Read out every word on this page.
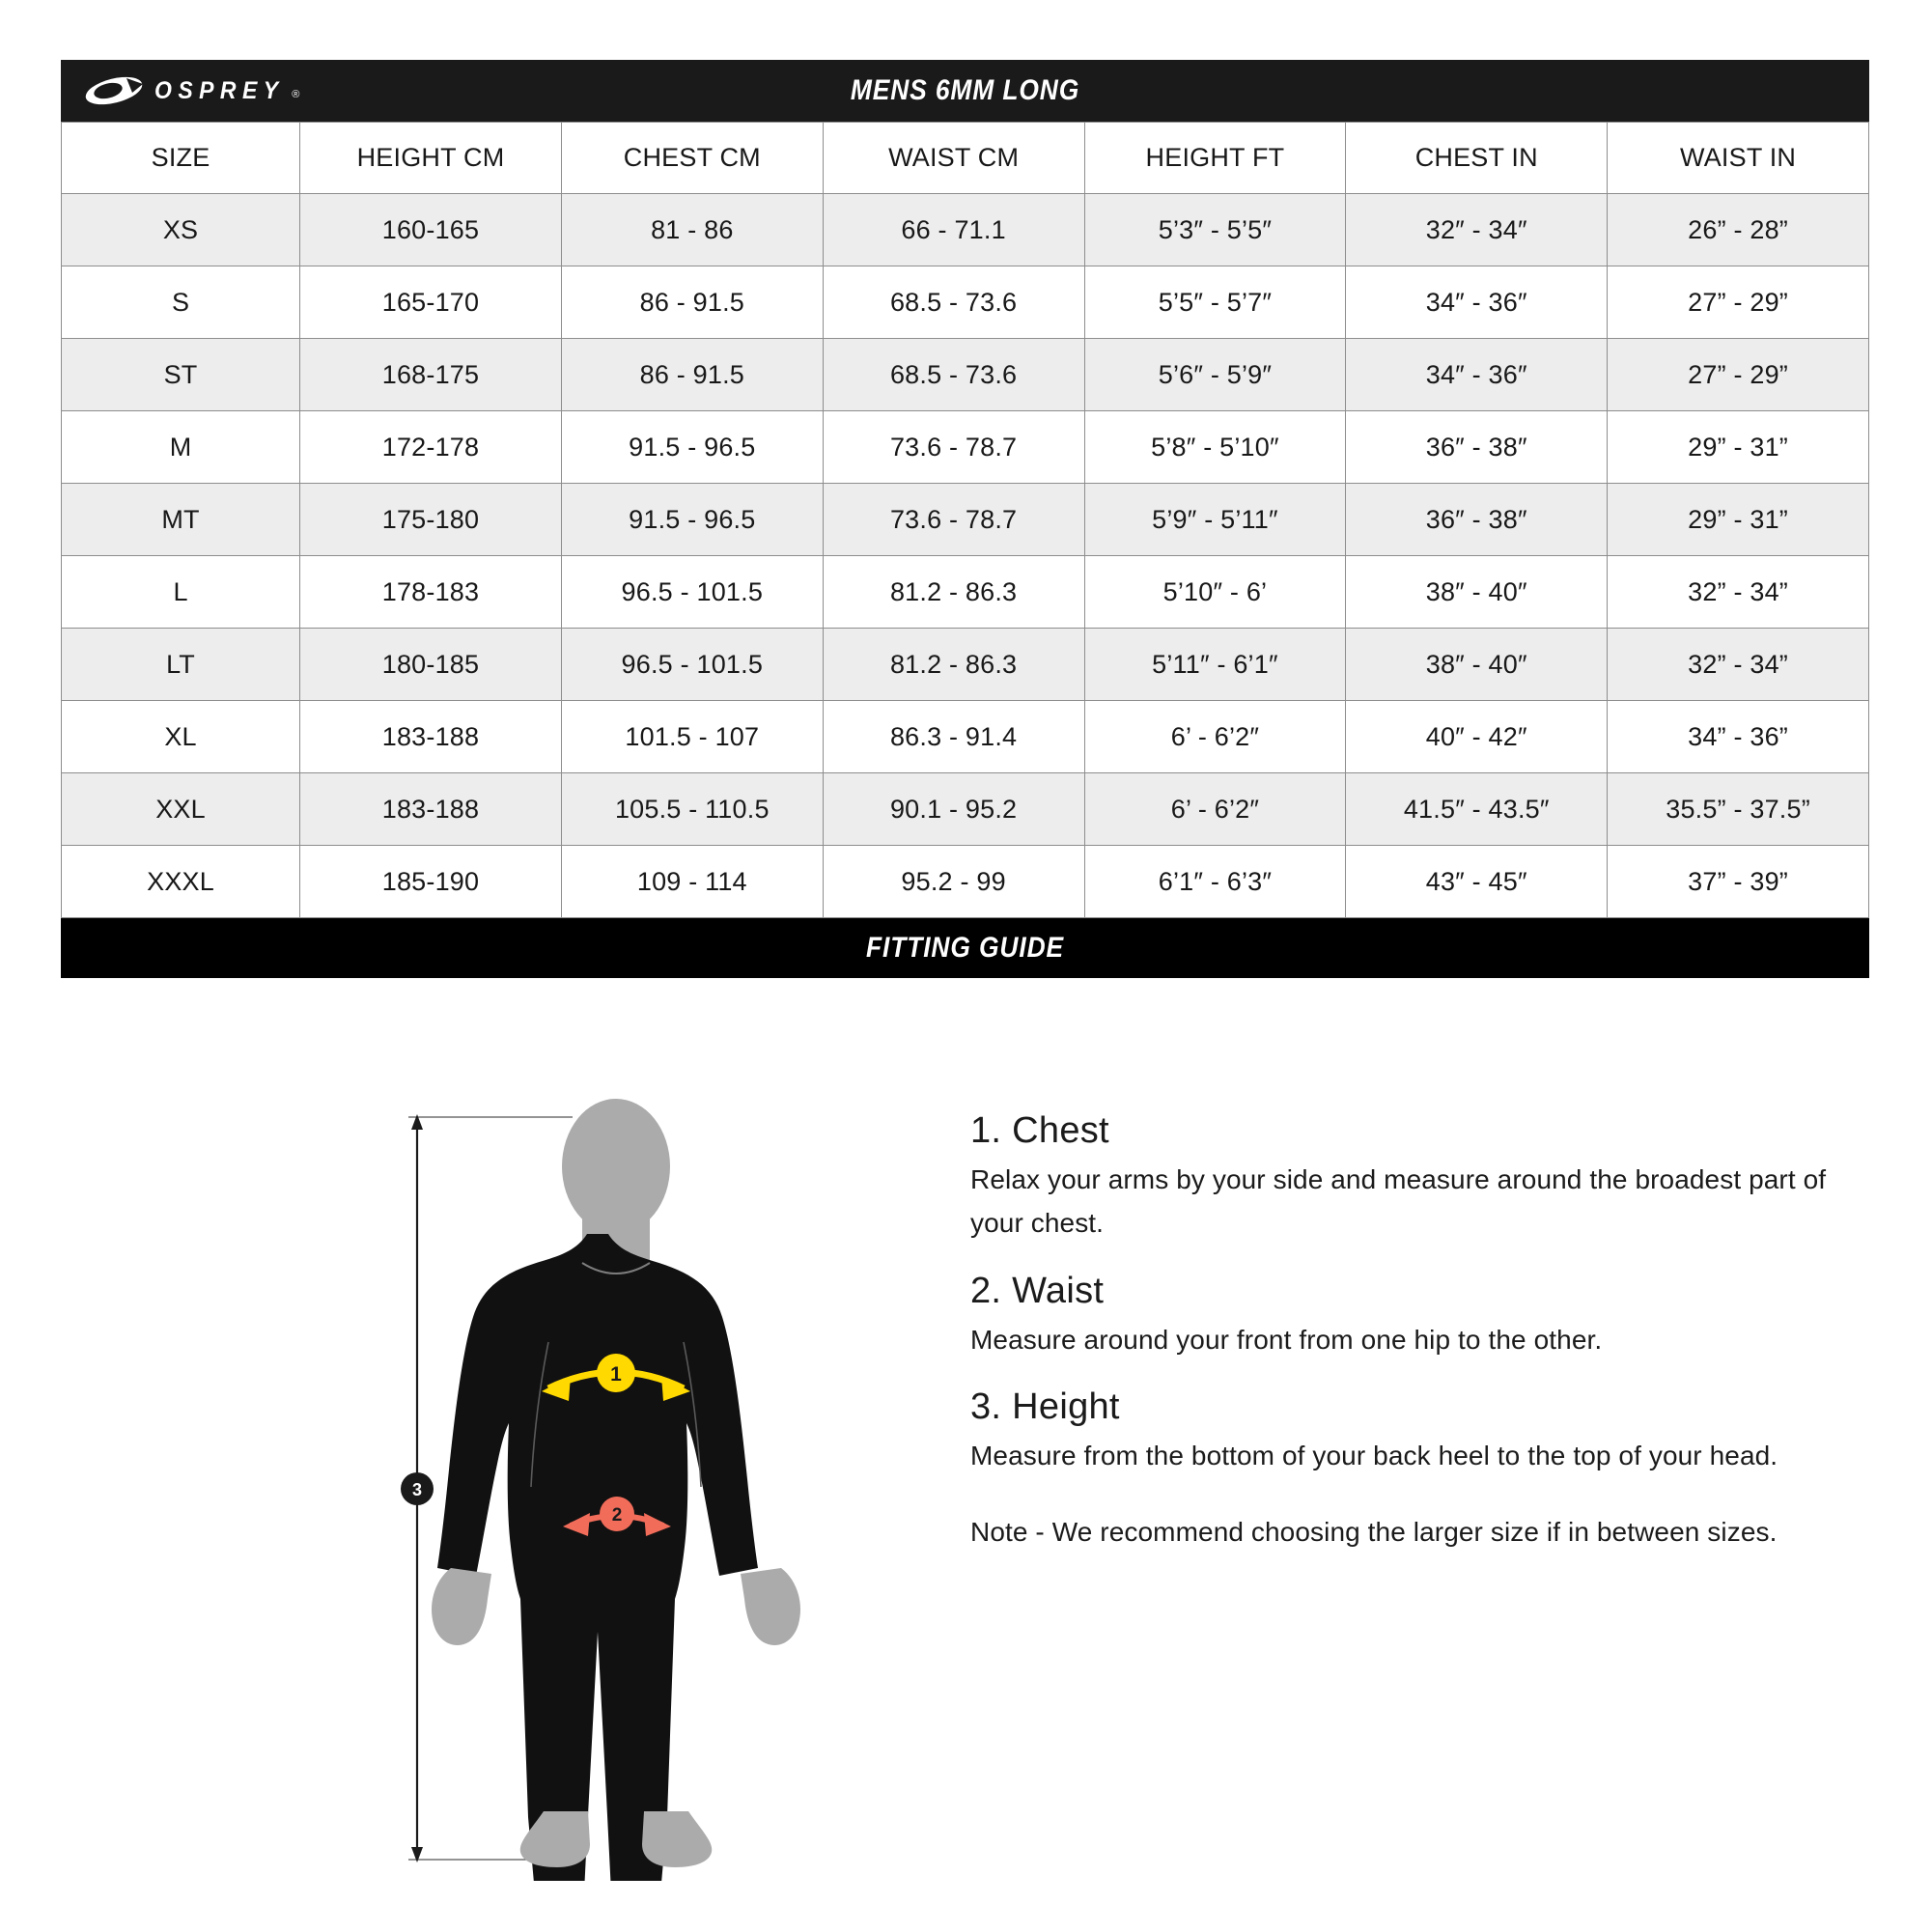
OSPREY ®	MENS 6MM LONG
SIZE	HEIGHT CM	CHEST CM	WAIST CM	HEIGHT FT	CHEST IN	WAIST IN
XS	160-165	81 - 86	66 - 71.1	5’3″ - 5’5″	32″ - 34″	26” - 28”
S	165-170	86 - 91.5	68.5 - 73.6	5’5″ - 5’7″	34″ - 36″	27” - 29”
ST	168-175	86 - 91.5	68.5 - 73.6	5’6″ - 5’9″	34″ - 36″	27” - 29”
M	172-178	91.5 - 96.5	73.6 - 78.7	5’8″ - 5’10″	36″ - 38″	29” - 31”
MT	175-180	91.5 - 96.5	73.6 - 78.7	5’9″ - 5’11″	36″ - 38″	29” - 31”
L	178-183	96.5 - 101.5	81.2 - 86.3	5’10″ - 6’	38″ - 40″	32” - 34”
LT	180-185	96.5 - 101.5	81.2 - 86.3	5’11″ - 6’1″	38″ - 40″	32” - 34”
XL	183-188	101.5 - 107	86.3 - 91.4	6’ - 6’2″	40″ - 42″	34” - 36”
XXL	183-188	105.5 - 110.5	90.1 - 95.2	6’ - 6’2″	41.5″ - 43.5″	35.5” - 37.5”
XXXL	185-190	109 - 114	95.2 - 99	6’1″ - 6’3″	43″ - 45″	37” - 39”
FITTING GUIDE
1
2
3
1. Chest
Relax your arms by your side and measure around the broadest part of your chest.
2. Waist
Measure around your front from one hip to the other.
3. Height
Measure from the bottom of your back heel to the top of your head.
Note - We recommend choosing the larger size if in between sizes.
